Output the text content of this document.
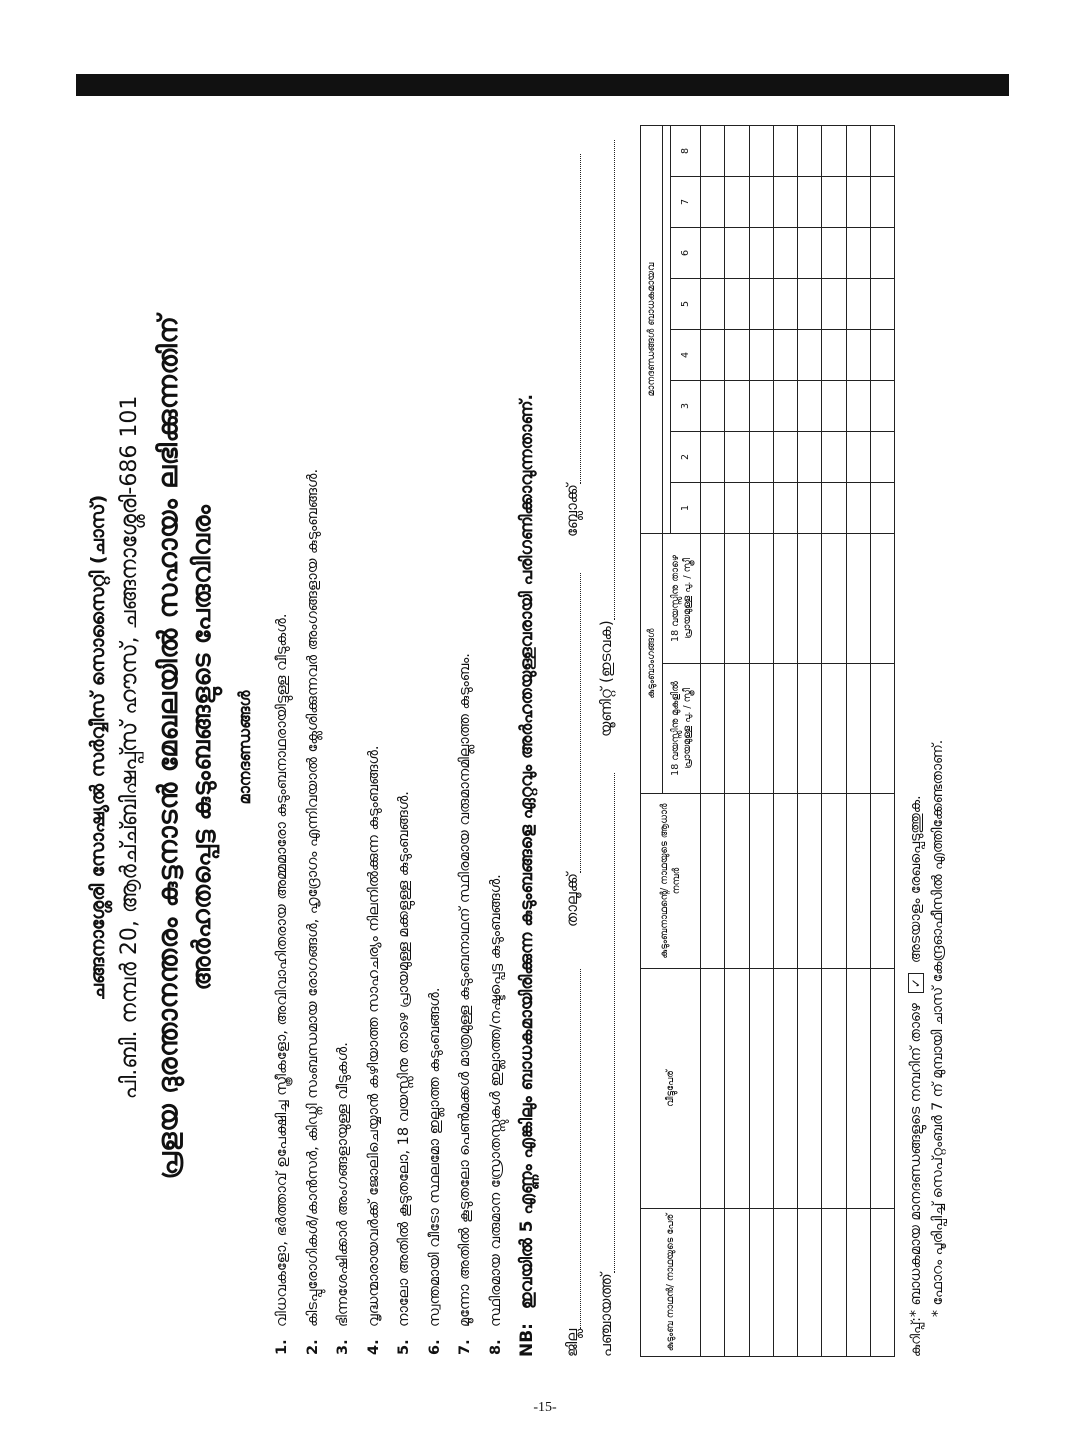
ചങ്ങനാശ്ശേരി സോഷ്യൽ സർവ്വീസ് സൊസൈറ്റി (ചാസ്) പി.ബി. നമ്പർ 20, ആർച്ച്ബിഷപ്പ്സ് ഹൗസ്, ചങ്ങനാശ്ശേരി-686 101 പ്രളയ ദുരന്താനന്തരം കുട്ടനാടൻ മേഖലയിൽ സഹായം ലഭിക്കുന്നതിന് അർഹതപ്പെട്ട കുടുംബങ്ങളുടെ പേരുവിവരം മാനദണ്ഡങ്ങൾ
1.
വിധവകളോ, ഭർത്താവ് ഉപേക്ഷിച്ച സ്ത്രീകളോ, അവിവാഹിതരായ അമ്മമാരോ കുടുംബനാഥരായിട്ടുള്ള വീടുകൾ.
2.
കിടപ്പുരോഗികൾ/കാൻസർ, കിഡ്നി സംബന്ധമായ രോഗങ്ങൾ, ഹൃദ്രോഗം എന്നിവയാൽ ക്ലേശിക്കുന്നവർ അംഗങ്ങളായ കുടുംബങ്ങൾ.
3.
ഭിന്നശേഷിക്കാർ അംഗങ്ങളായുള്ള വീടുകൾ.
4.
വൃദ്ധന്മാരായവർക്ക് ജോലിചെയ്യാൻ കഴിയാത്ത സാഹചര്യം നിലനിൽക്കുന്ന കുടുംബങ്ങൾ.
5.
നാലോ അതിൽ കൂടുതലോ, 18 വയസ്സിനു താഴെ പ്രായമുള്ള മക്കളുള്ള കുടുംബങ്ങൾ.
6.
സ്വന്തമായി വീടോ സ്ഥലമോ ഇല്ലാത്ത കുടുംബങ്ങൾ.
7.
മൂന്നോ അതിൽ കൂടുതലോ പെൺമക്കൾ മാത്രമുള്ള കുടുംബനാഥന് സ്ഥിരമായ വരുമാനമില്ലാത്ത കുടുംബം.
8.
സ്ഥിരമായ വരുമാന സ്രോതസ്സുകൾ ഇല്ലാത്ത/നഷ്ടപ്പെട്ട കുടുംബങ്ങൾ.
NB: ഇവയിൽ 5 എണ്ണം എങ്കിലും ബാധകമായിരിക്കുന്ന കുടുംബങ്ങളെ ഏറ്റവും അർഹതയുള്ളവരായി പരിഗണിക്കാവുന്നതാണ്.
ജില്ല
താലൂക്ക്
ബ്ലോക്ക്
പഞ്ചായത്ത്
യൂണിറ്റ് (ഇടവക)
കുടുംബ നാഥൻ/ നാഥയുടെ പേര്	വീട്ടുപേര്	കുടുംബനാഥന്റെ/ നാഥയുടെ ആധാർ നമ്പർ	കുടുംബാംഗങ്ങൾ		മാനദണ്ഡങ്ങൾ ബാധകമായവ							
			18 വയസ്സിനു മുകളിൽ പ്രായമുള്ള പു. / സ്ത്രീ	18 വയസ്സിനു താഴെ പ്രായമുള്ള പു. / സ്ത്രീ								
					1	2	3	4	5	6	7	8

കുറിപ്പ്:
* ബാധകമായ മാനദണ്ഡങ്ങളുടെ നമ്പറിന് താഴെ
✓
അടയാളം രേഖപ്പെടുത്തുക. * ഫോറം പൂരിപ്പിച്ച് സെപ്റ്റംബർ 7 ന് മുമ്പായി ചാസ് കേന്ദ്രഓഫീസിൽ എത്തിക്കേണ്ടതാണ്.
-15-
